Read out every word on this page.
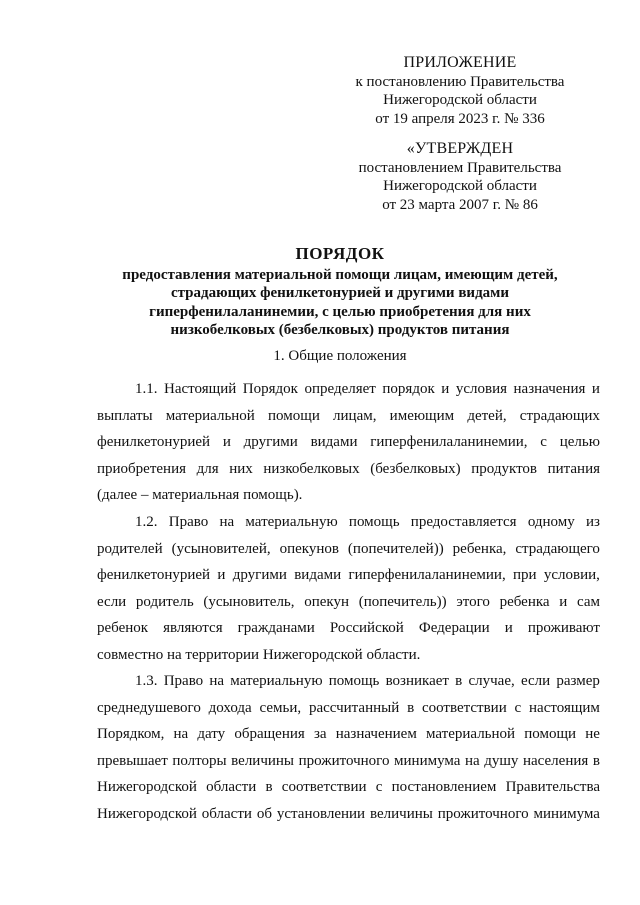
ПРИЛОЖЕНИЕ
к постановлению Правительства
Нижегородской области
от 19 апреля 2023 г. № 336
«УТВЕРЖДЕН
постановлением Правительства
Нижегородской области
от 23 марта 2007 г. № 86
ПОРЯДОК
предоставления материальной помощи лицам, имеющим детей,
страдающих фенилкетонурией и другими видами
гиперфенилаланинемии, с целью приобретения для них
низкобелковых (безбелковых) продуктов питания
1. Общие положения
1.1. Настоящий Порядок определяет порядок и условия назначения и
выплаты материальной помощи лицам, имеющим детей, страдающих
фенилкетонурией и другими видами гиперфенилаланинемии, с целью
приобретения для них низкобелковых (безбелковых) продуктов питания
(далее – материальная помощь).
1.2. Право на материальную помощь предоставляется одному из
родителей (усыновителей, опекунов (попечителей)) ребенка, страдающего
фенилкетонурией и другими видами гиперфенилаланинемии, при условии,
если родитель (усыновитель, опекун (попечитель)) этого ребенка и сам
ребенок являются гражданами Российской Федерации и проживают
совместно на территории Нижегородской области.
1.3. Право на материальную помощь возникает в случае, если размер
среднедушевого дохода семьи, рассчитанный в соответствии с настоящим
Порядком, на дату обращения за назначением материальной помощи не
превышает полторы величины прожиточного минимума на душу населения в
Нижегородской области в соответствии с постановлением Правительства
Нижегородской области об установлении величины прожиточного минимума
